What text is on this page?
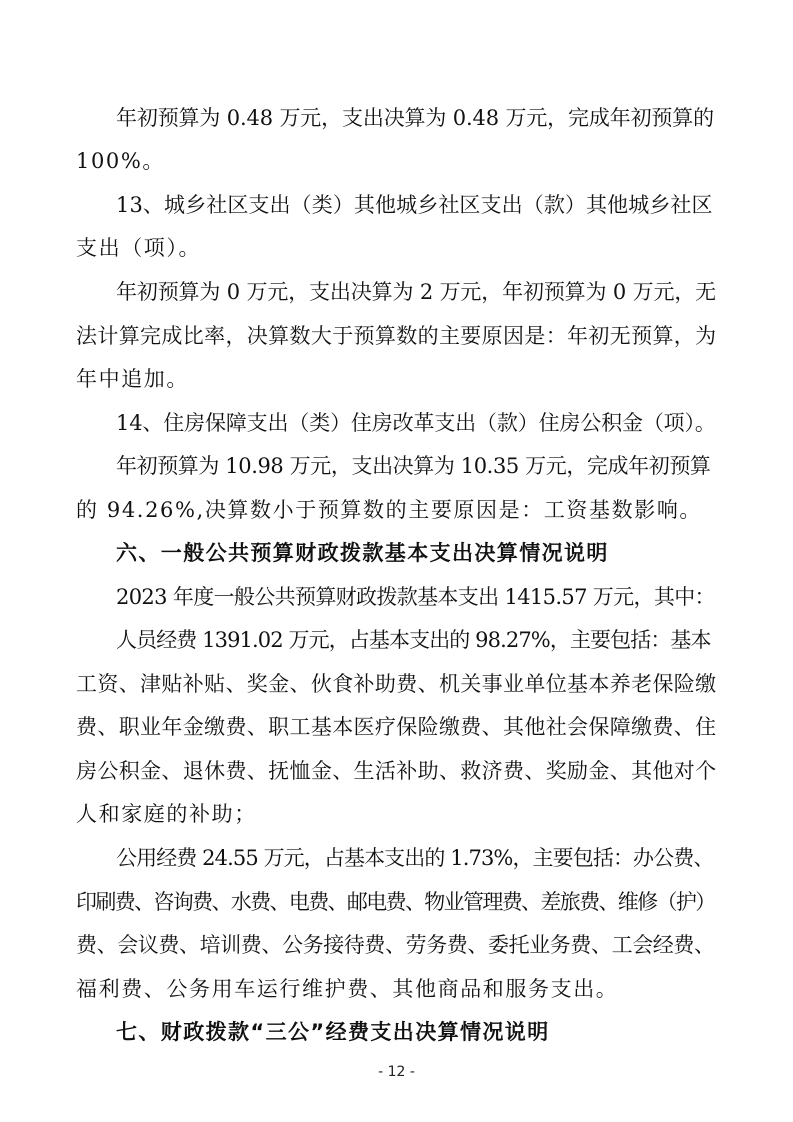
年初预算为 0.48 万元，支出决算为 0.48 万元，完成年初预算的
100%。
13、城乡社区支出（类）其他城乡社区支出（款）其他城乡社区
支出（项）。
年初预算为 0 万元，支出决算为 2 万元，年初预算为 0 万元，无
法计算完成比率，决算数大于预算数的主要原因是：年初无预算，为
年中追加。
14、住房保障支出（类）住房改革支出（款）住房公积金（项）。
年初预算为 10.98 万元，支出决算为 10.35 万元，完成年初预算
的 94.26%,决算数小于预算数的主要原因是：工资基数影响。
六、一般公共预算财政拨款基本支出决算情况说明
2023 年度一般公共预算财政拨款基本支出 1415.57 万元，其中：
人员经费 1391.02 万元，占基本支出的 98.27%，主要包括：基本
工资、津贴补贴、奖金、伙食补助费、机关事业单位基本养老保险缴
费、职业年金缴费、职工基本医疗保险缴费、其他社会保障缴费、住
房公积金、退休费、抚恤金、生活补助、救济费、奖励金、其他对个
人和家庭的补助；
公用经费 24.55 万元，占基本支出的 1.73%，主要包括：办公费、
印刷费、咨询费、水费、电费、邮电费、物业管理费、差旅费、维修（护）
费、会议费、培训费、公务接待费、劳务费、委托业务费、工会经费、
福利费、公务用车运行维护费、其他商品和服务支出。
七、财政拨款“三公”经费支出决算情况说明
- 12 -
